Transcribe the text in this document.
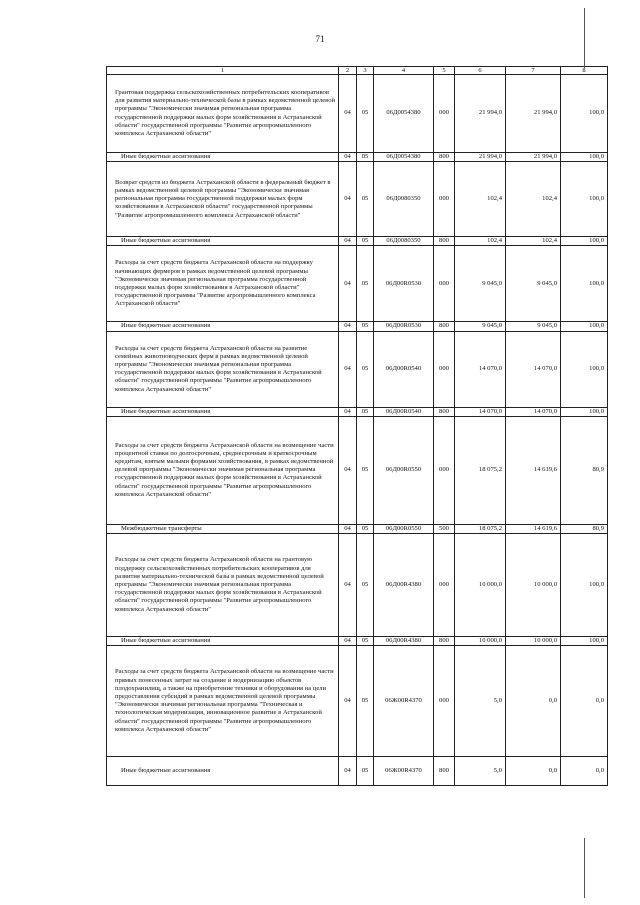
71
1	2	3	4	5	6	7	8
Грантовая поддержка сельскохозяйственных потребительских кооперативов для развития материально-технической базы в рамках ведомственной целевой программы "Экономически значимая региональная программа государственной поддержки малых форм хозяйствования в Астраханской области" государственной программы "Развитие агропромышленного комплекса Астраханской области"	04	05	06Д0054380	000	21 994,0	21 994,0	100,0
Иные бюджетные ассигнования	04	05	06Д0054380	800	21 994,0	21 994,0	100,0
Возврат средств из бюджета Астраханской области в федеральный бюджет в рамках ведомственной целевой программы "Экономически значимая региональная программа государственной поддержки малых форм хозяйствования в Астраханской области" государственной программы "Развитие агропромышленного комплекса Астраханской области"	04	05	06Д0080350	000	102,4	102,4	100,0
Иные бюджетные ассигнования	04	05	06Д0080350	800	102,4	102,4	100,0
Расходы за счет средств бюджета Астраханской области на поддержку начинающих фермеров в рамках ведомственной целевой программы "Экономически значимая региональная программа государственной поддержки малых форм хозяйствования в Астраханской области" государственной программы "Развитие агропромышленного комплекса Астраханской области"	04	05	06Д00R0530	000	9 045,0	9 045,0	100,0
Иные бюджетные ассигнования	04	05	06Д00R0530	800	9 045,0	9 045,0	100,0
Расходы за счет средств бюджета Астраханской области на развитие семейных животноводческих ферм в рамках ведомственной целевой программы "Экономически значимая региональная программа государственной поддержки малых форм хозяйствования в Астраханской области" государственной программы "Развитие агропромышленного комплекса Астраханской области"	04	05	06Д00R0540	000	14 070,0	14 070,0	100,0
Иные бюджетные ассигнования	04	05	06Д00R0540	800	14 070,0	14 070,0	100,0
Расходы за счет средств бюджета Астраханской области на возмещение части процентной ставки по долгосрочным, среднесрочным и краткосрочным кредитам, взятым малыми формами хозяйствования, в рамках ведомственной целевой программы "Экономически значимая региональная программа государственной поддержки малых форм хозяйствования в Астраханской области" государственной программы "Развитие агропромышленного комплекса Астраханской области"	04	05	06Д00R0550	000	18 075,2	14 619,6	80,9
Межбюджетные трансферты	04	05	06Д00R0550	500	18 075,2	14 619,6	80,9
Расходы за счет средств бюджета Астраханской области на грантовую поддержку сельскохозяйственных потребительских кооперативов для развития материально-технической базы в рамках ведомственной целевой программы "Экономически значимая региональная программа государственной поддержки малых форм хозяйствования в Астраханской области" государственной программы "Развитие агропромышленного комплекса Астраханской области"	04	05	06Д00R4380	000	10 000,0	10 000,0	100,0
Иные бюджетные ассигнования	04	05	06Д00R4380	800	10 000,0	10 000,0	100,0
Расходы за счет средств бюджета Астраханской области на возмещение части прямых понесенных затрат на создание и модернизацию объектов плодохранилищ, а также на приобретение техники и оборудования на цели предоставления субсидий в рамках ведомственной целевой программы "Экономически значимая региональная программа "Техническая и технологическая модернизация, инновационное развитие в Астраханской области" государственной программы "Развитие агропромышленного комплекса Астраханской области"	04	05	06Ж00R4370	000	5,0	0,0	0,0
Иные бюджетные ассигнования	04	05	06Ж00R4370	800	5,0	0,0	0,0
